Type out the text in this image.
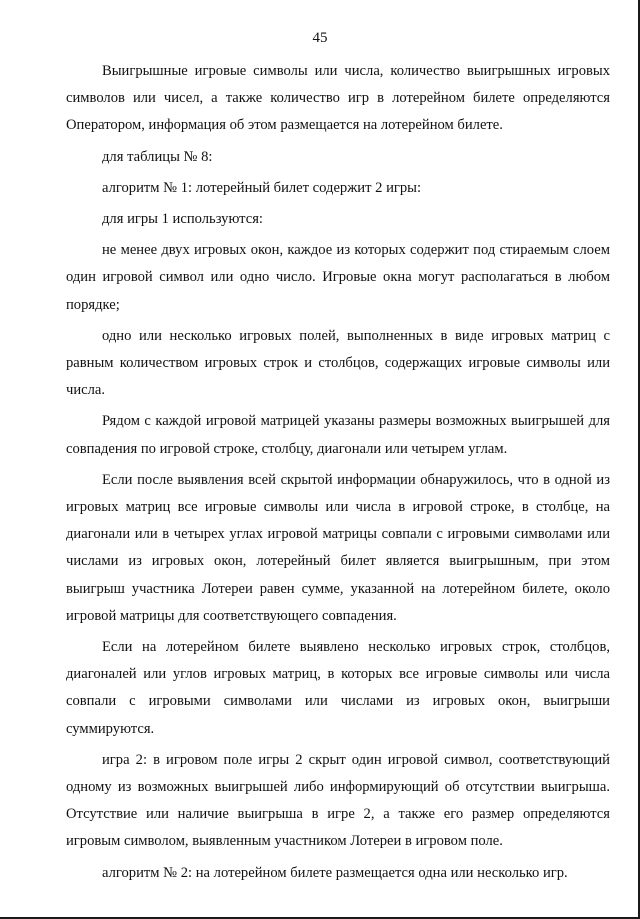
45

Выигрышные игровые символы или числа, количество выигрышных игровых символов или чисел, а также количество игр в лотерейном билете определяются Оператором, информация об этом размещается на лотерейном билете.

для таблицы № 8:

алгоритм № 1: лотерейный билет содержит 2 игры:

для игры 1 используются:

не менее двух игровых окон, каждое из которых содержит под стираемым слоем один игровой символ или одно число. Игровые окна могут располагаться в любом порядке;

одно или несколько игровых полей, выполненных в виде игровых матриц с равным количеством игровых строк и столбцов, содержащих игровые символы или числа.

Рядом с каждой игровой матрицей указаны размеры возможных выигрышей для совпадения по игровой строке, столбцу, диагонали или четырем углам.

Если после выявления всей скрытой информации обнаружилось, что в одной из игровых матриц все игровые символы или числа в игровой строке, в столбце, на диагонали или в четырех углах игровой матрицы совпали с игровыми символами или числами из игровых окон, лотерейный билет является выигрышным, при этом выигрыш участника Лотереи равен сумме, указанной на лотерейном билете, около игровой матрицы для соответствующего совпадения.

Если на лотерейном билете выявлено несколько игровых строк, столбцов, диагоналей или углов игровых матриц, в которых все игровые символы или числа совпали с игровыми символами или числами из игровых окон, выигрыши суммируются.

игра 2: в игровом поле игры 2 скрыт один игровой символ, соответствующий одному из возможных выигрышей либо информирующий об отсутствии выигрыша. Отсутствие или наличие выигрыша в игре 2, а также его размер определяются игровым символом, выявленным участником Лотереи в игровом поле.

алгоритм № 2: на лотерейном билете размещается одна или несколько игр.
